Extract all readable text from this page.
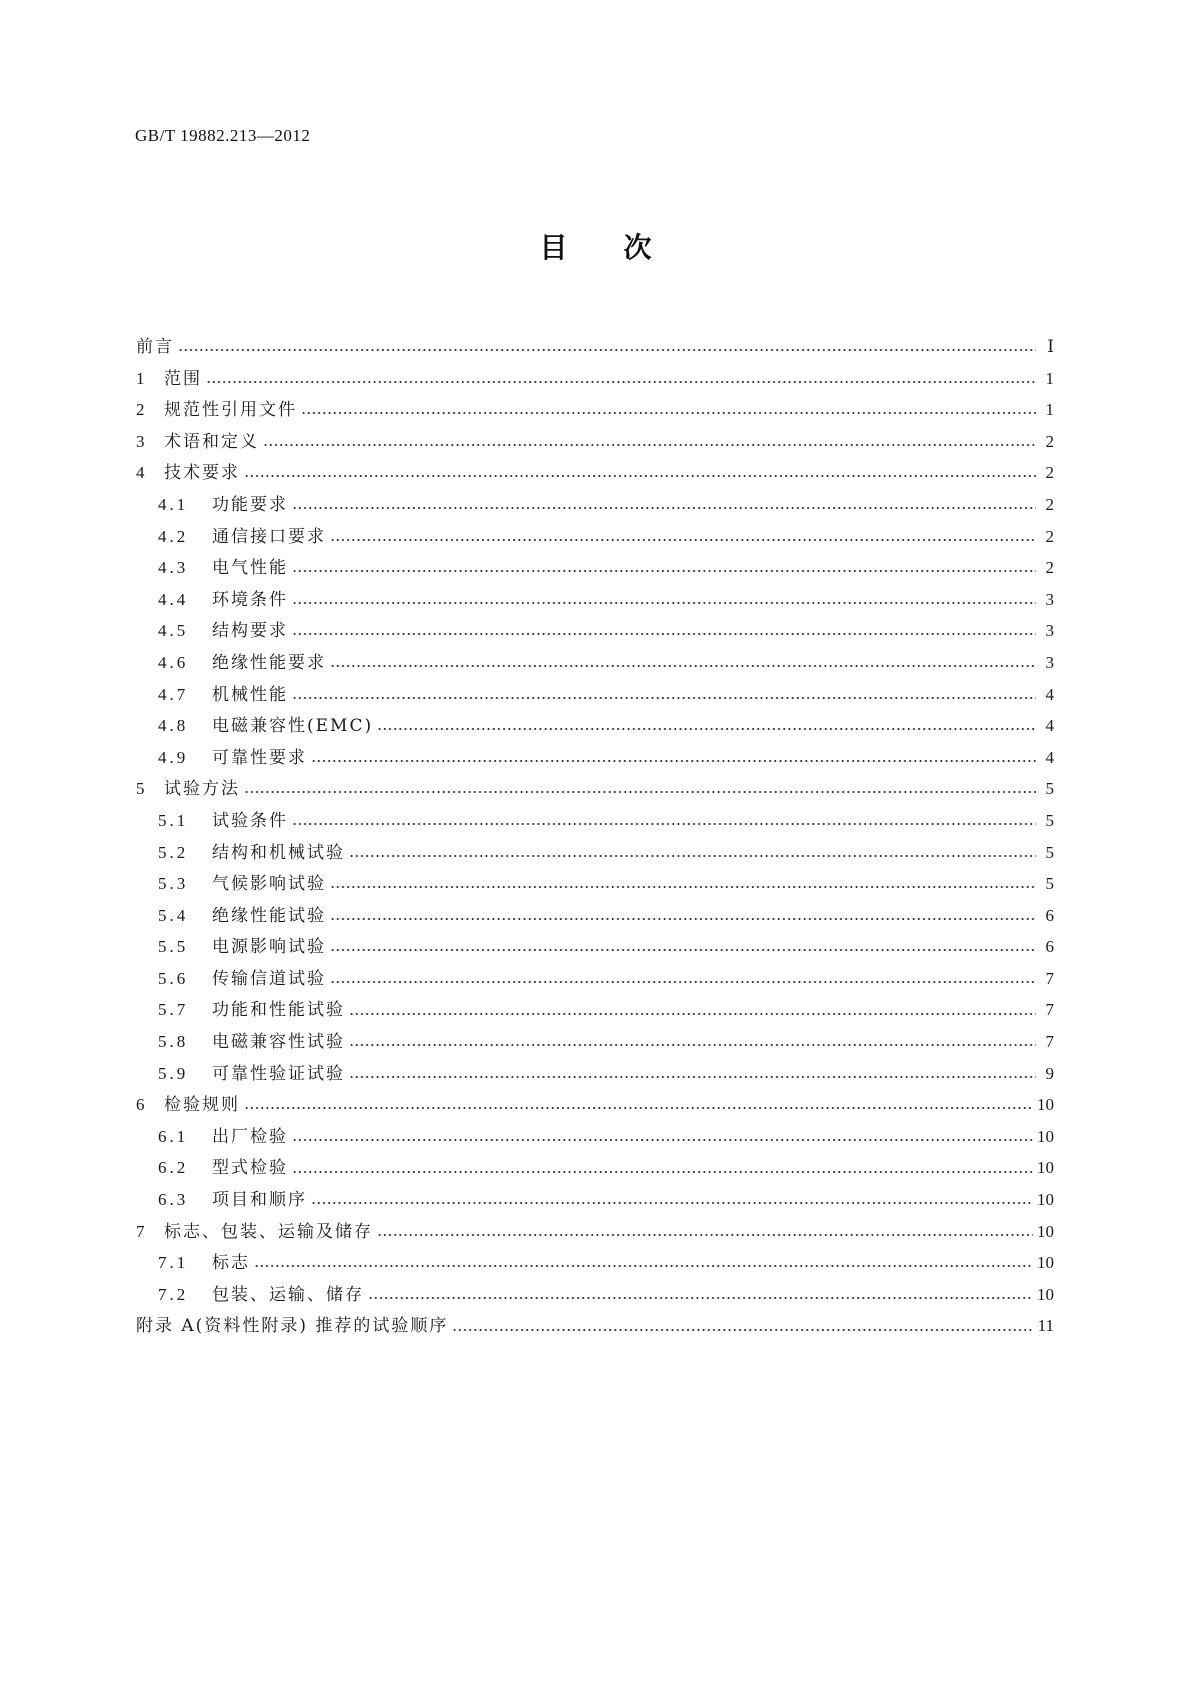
GB/T 19882.213—2012
目次
前言	Ⅰ
1 范围	1
2 规范性引用文件	1
3 术语和定义	2
4 技术要求	2
4.1	功能要求	2
4.2	通信接口要求	2
4.3	电气性能	2
4.4	环境条件	3
4.5	结构要求	3
4.6	绝缘性能要求	3
4.7	机械性能	4
4.8	电磁兼容性(EMC)	4
4.9	可靠性要求	4
5 试验方法	5
5.1	试验条件	5
5.2	结构和机械试验	5
5.3	气候影响试验	5
5.4	绝缘性能试验	6
5.5	电源影响试验	6
5.6	传输信道试验	7
5.7	功能和性能试验	7
5.8	电磁兼容性试验	7
5.9	可靠性验证试验	9
6 检验规则	10
6.1	出厂检验	10
6.2	型式检验	10
6.3	项目和顺序	10
7 标志、包装、运输及储存	10
7.1	标志	10
7.2	包装、运输、储存	10
附录 A(资料性附录) 推荐的试验顺序	11
